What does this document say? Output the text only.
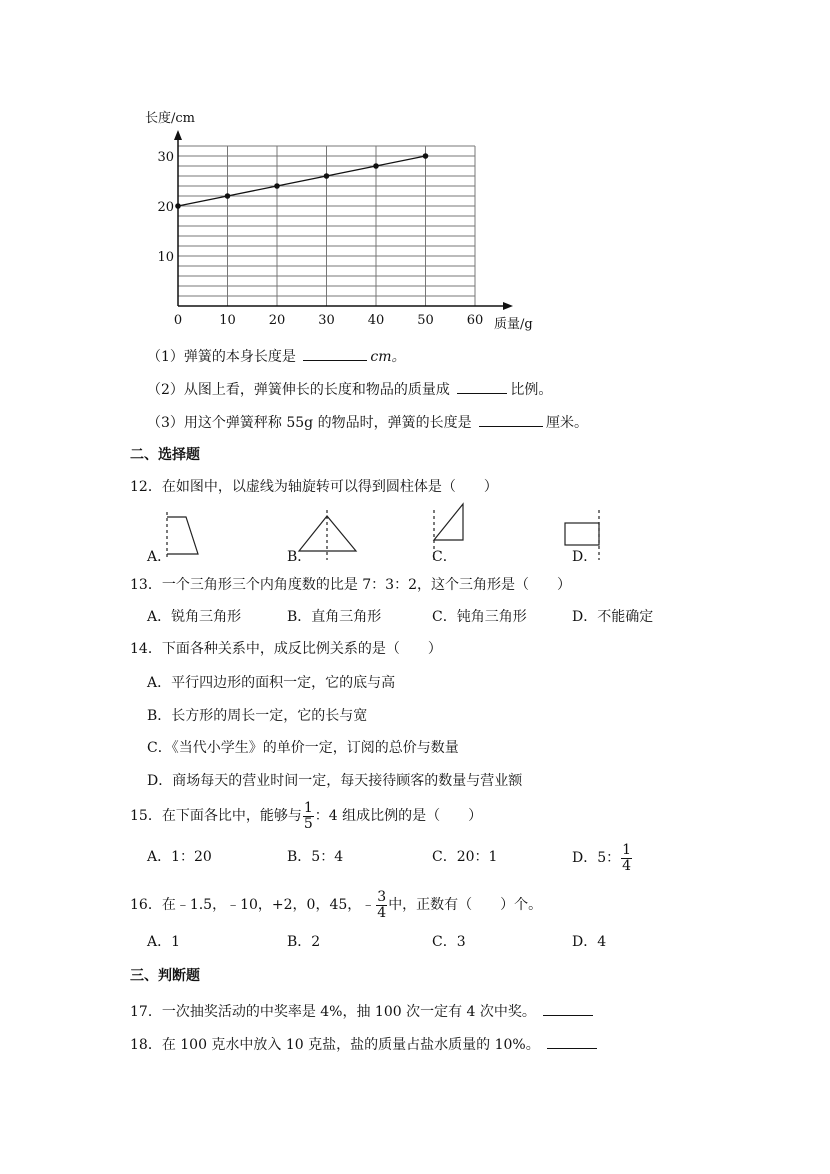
0	10	20	30	40	50	60
10
20
30
长度/cm
质量/g
（1）弹簧的本身长度是	cm。
（2）从图上看，弹簧伸长的长度和物品的质量成	比例。
（3）用这个弹簧秤称 55g 的物品时，弹簧的长度是	厘米。
二、选择题
12．在如图中，以虚线为轴旋转可以得到圆柱体是（　　）
A．	B．	C．	D．
13．一个三角形三个内角度数的比是 7：3：2，这个三角形是（　　）
A．锐角三角形	B．直角三角形	C．钝角三角形	D．不能确定
14．下面各种关系中，成反比例关系的是（　　）
A．平行四边形的面积一定，它的底与高
B．长方形的周长一定，它的长与宽
C．《当代小学生》的单价一定，订阅的总价与数量
D．商场每天的营业时间一定，每天接待顾客的数量与营业额
15．在下面各比中，能够与 $\frac{1}{5}$ ：4 组成比例的是（　　）
A．1：20	B．5：4	C．20：1	D．5： $\frac{1}{4}$
16．在﹣1.5，﹣10，+2，0，45，﹣ $\frac{3}{4}$ 中，正数有（　　）个。
A．1	B．2	C．3	D．4
三、判断题
17．一次抽奖活动的中奖率是 4%，抽 100 次一定有 4 次中奖。
18．在 100 克水中放入 10 克盐，盐的质量占盐水质量的 10%。
